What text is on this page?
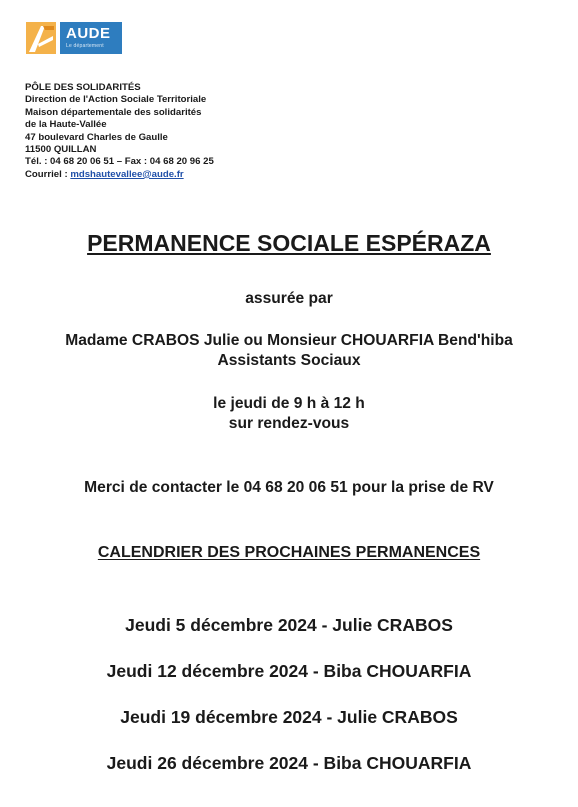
AUDE
Le département
PÔLE DES SOLIDARITÉS
Direction de l'Action Sociale Territoriale
Maison départementale des solidarités
de la Haute-Vallée
47 boulevard Charles de Gaulle
11500 QUILLAN
Tél. : 04 68 20 06 51 – Fax : 04 68 20 96 25
Courriel : mdshautevallee@aude.fr
PERMANENCE SOCIALE ESPÉRAZA
assurée par
Madame CRABOS Julie ou Monsieur CHOUARFIA Bend'hiba
Assistants Sociaux
le jeudi de 9 h à 12 h
sur rendez-vous
Merci de contacter le 04 68 20 06 51 pour la prise de RV
CALENDRIER DES PROCHAINES PERMANENCES
Jeudi 5 décembre 2024 - Julie CRABOS
Jeudi 12 décembre 2024 - Biba CHOUARFIA
Jeudi 19 décembre 2024 - Julie CRABOS
Jeudi 26 décembre 2024 - Biba CHOUARFIA
